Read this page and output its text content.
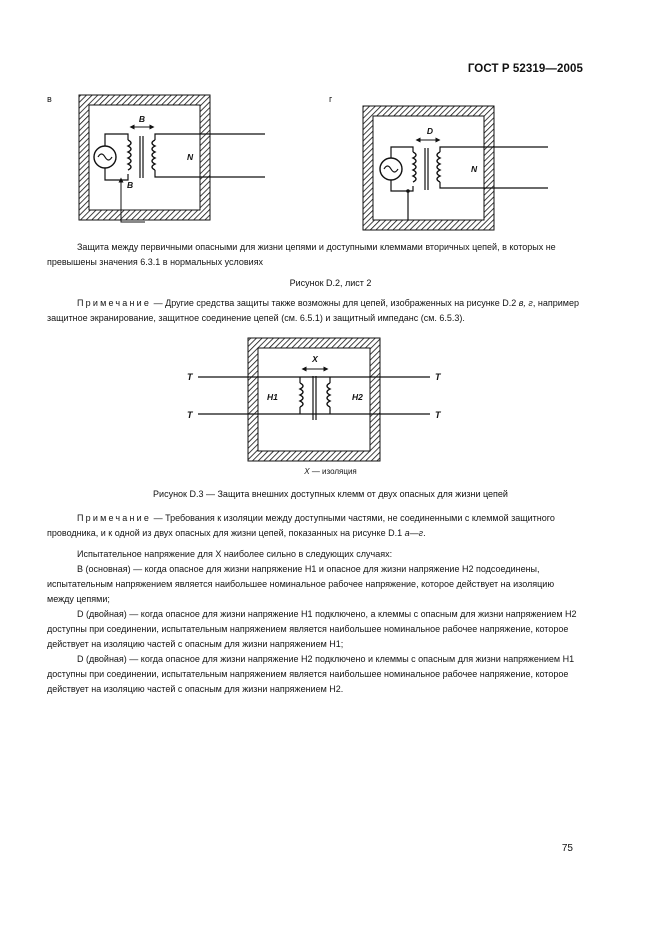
ГОСТ Р 52319—2005
в
B
B
N
г
D
N

Защита между первичными опасными для жизни цепями и доступными клеммами вторичных цепей, в которых не превышены значения 6.3.1 в нормальных условиях

Рисунок D.2, лист 2

Примечание — Другие средства защиты также возможны для цепей, изображенных на рисунке D.2 в, г, например защитное экранирование, защитное соединение цепей (см. 6.5.1) и защитный импеданс (см. 6.5.3).

T	T
T	T
X
H1	H2
X — изоляция
Рисунок D.3 — Защита внешних доступных клемм от двух опасных для жизни цепей

Примечание — Требования к изоляции между доступными частями, не соединенными с клеммой защитного проводника, и к одной из двух опасных для жизни цепей, показанных на рисунке D.1 а—г.

Испытательное напряжение для X наиболее сильно в следующих случаях:

В (основная) — когда опасное для жизни напряжение H1 и опасное для жизни напряжение H2 подсоединены, испытательным напряжением является наибольшее номинальное рабочее напряжение, которое действует на изоляцию между цепями;

D (двойная) — когда опасное для жизни напряжение H1 подключено, а клеммы с опасным для жизни напряжением H2 доступны при соединении, испытательным напряжением является наибольшее номинальное рабочее напряжение, которое действует на изоляцию частей с опасным для жизни напряжением H1;

D (двойная) — когда опасное для жизни напряжение H2 подключено и клеммы с опасным для жизни напряжением H1 доступны при соединении, испытательным напряжением является наибольшее номинальное рабочее напряжение, которое действует на изоляцию частей с опасным для жизни напряжением H2.

75
